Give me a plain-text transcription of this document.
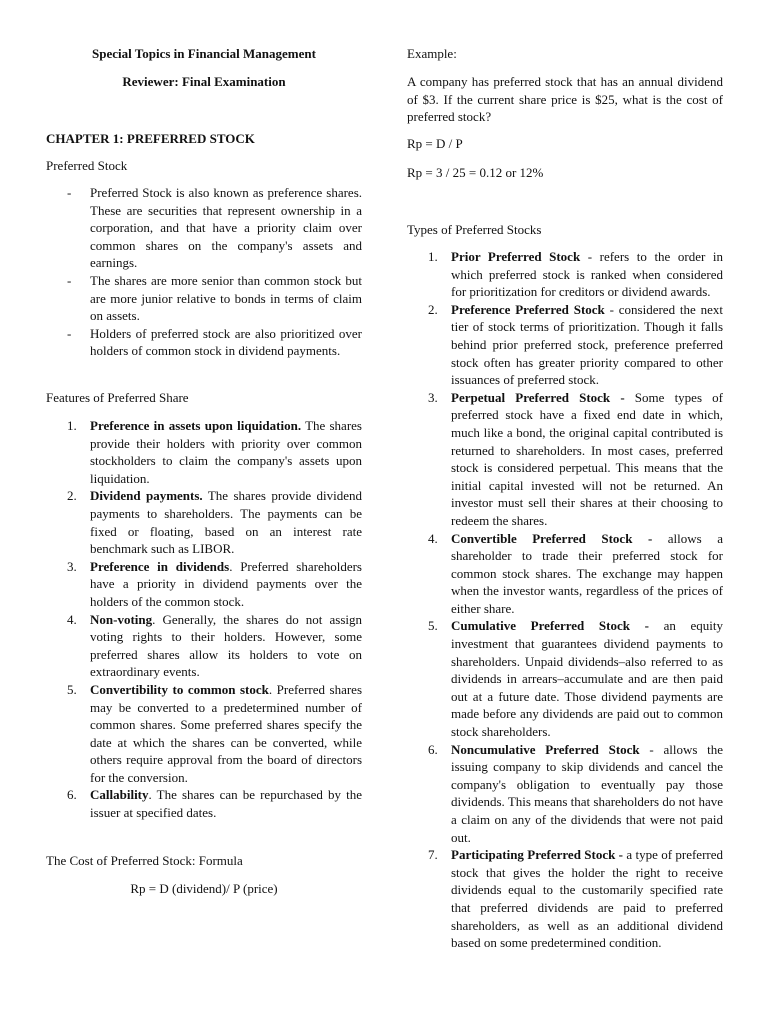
Special Topics in Financial Management
Reviewer: Final Examination
CHAPTER 1: PREFERRED STOCK
Preferred Stock
- Preferred Stock is also known as preference shares. These are securities that represent ownership in a corporation, and that have a priority claim over common shares on the company's assets and earnings.
- The shares are more senior than common stock but are more junior relative to bonds in terms of claim on assets.
- Holders of preferred stock are also prioritized over holders of common stock in dividend payments.
Features of Preferred Share
1. Preference in assets upon liquidation. The shares provide their holders with priority over common stockholders to claim the company's assets upon liquidation.
2. Dividend payments. The shares provide dividend payments to shareholders. The payments can be fixed or floating, based on an interest rate benchmark such as LIBOR.
3. Preference in dividends. Preferred shareholders have a priority in dividend payments over the holders of the common stock.
4. Non-voting. Generally, the shares do not assign voting rights to their holders. However, some preferred shares allow its holders to vote on extraordinary events.
5. Convertibility to common stock. Preferred shares may be converted to a predetermined number of common shares. Some preferred shares specify the date at which the shares can be converted, while others require approval from the board of directors for the conversion.
6. Callability. The shares can be repurchased by the issuer at specified dates.
The Cost of Preferred Stock: Formula
Rp = D (dividend)/ P (price)
Example:
A company has preferred stock that has an annual dividend of $3. If the current share price is $25, what is the cost of preferred stock?
Rp = D / P
Rp = 3 / 25 = 0.12 or 12%
Types of Preferred Stocks
1. Prior Preferred Stock - refers to the order in which preferred stock is ranked when considered for prioritization for creditors or dividend awards.
2. Preference Preferred Stock - considered the next tier of stock terms of prioritization. Though it falls behind prior preferred stock, preference preferred stock often has greater priority compared to other issuances of preferred stock.
3. Perpetual Preferred Stock - Some types of preferred stock have a fixed end date in which, much like a bond, the original capital contributed is returned to shareholders. In most cases, preferred stock is considered perpetual. This means that the initial capital invested will not be returned. An investor must sell their shares at their choosing to redeem the shares.
4. Convertible Preferred Stock - allows a shareholder to trade their preferred stock for common stock shares. The exchange may happen when the investor wants, regardless of the prices of either share.
5. Cumulative Preferred Stock - an equity investment that guarantees dividend payments to shareholders. Unpaid dividends–also referred to as dividends in arrears–accumulate and are then paid out at a future date. Those dividend payments are made before any dividends are paid out to common stock shareholders.
6. Noncumulative Preferred Stock - allows the issuing company to skip dividends and cancel the company's obligation to eventually pay those dividends. This means that shareholders do not have a claim on any of the dividends that were not paid out.
7. Participating Preferred Stock - a type of preferred stock that gives the holder the right to receive dividends equal to the customarily specified rate that preferred dividends are paid to preferred shareholders, as well as an additional dividend based on some predetermined condition.
